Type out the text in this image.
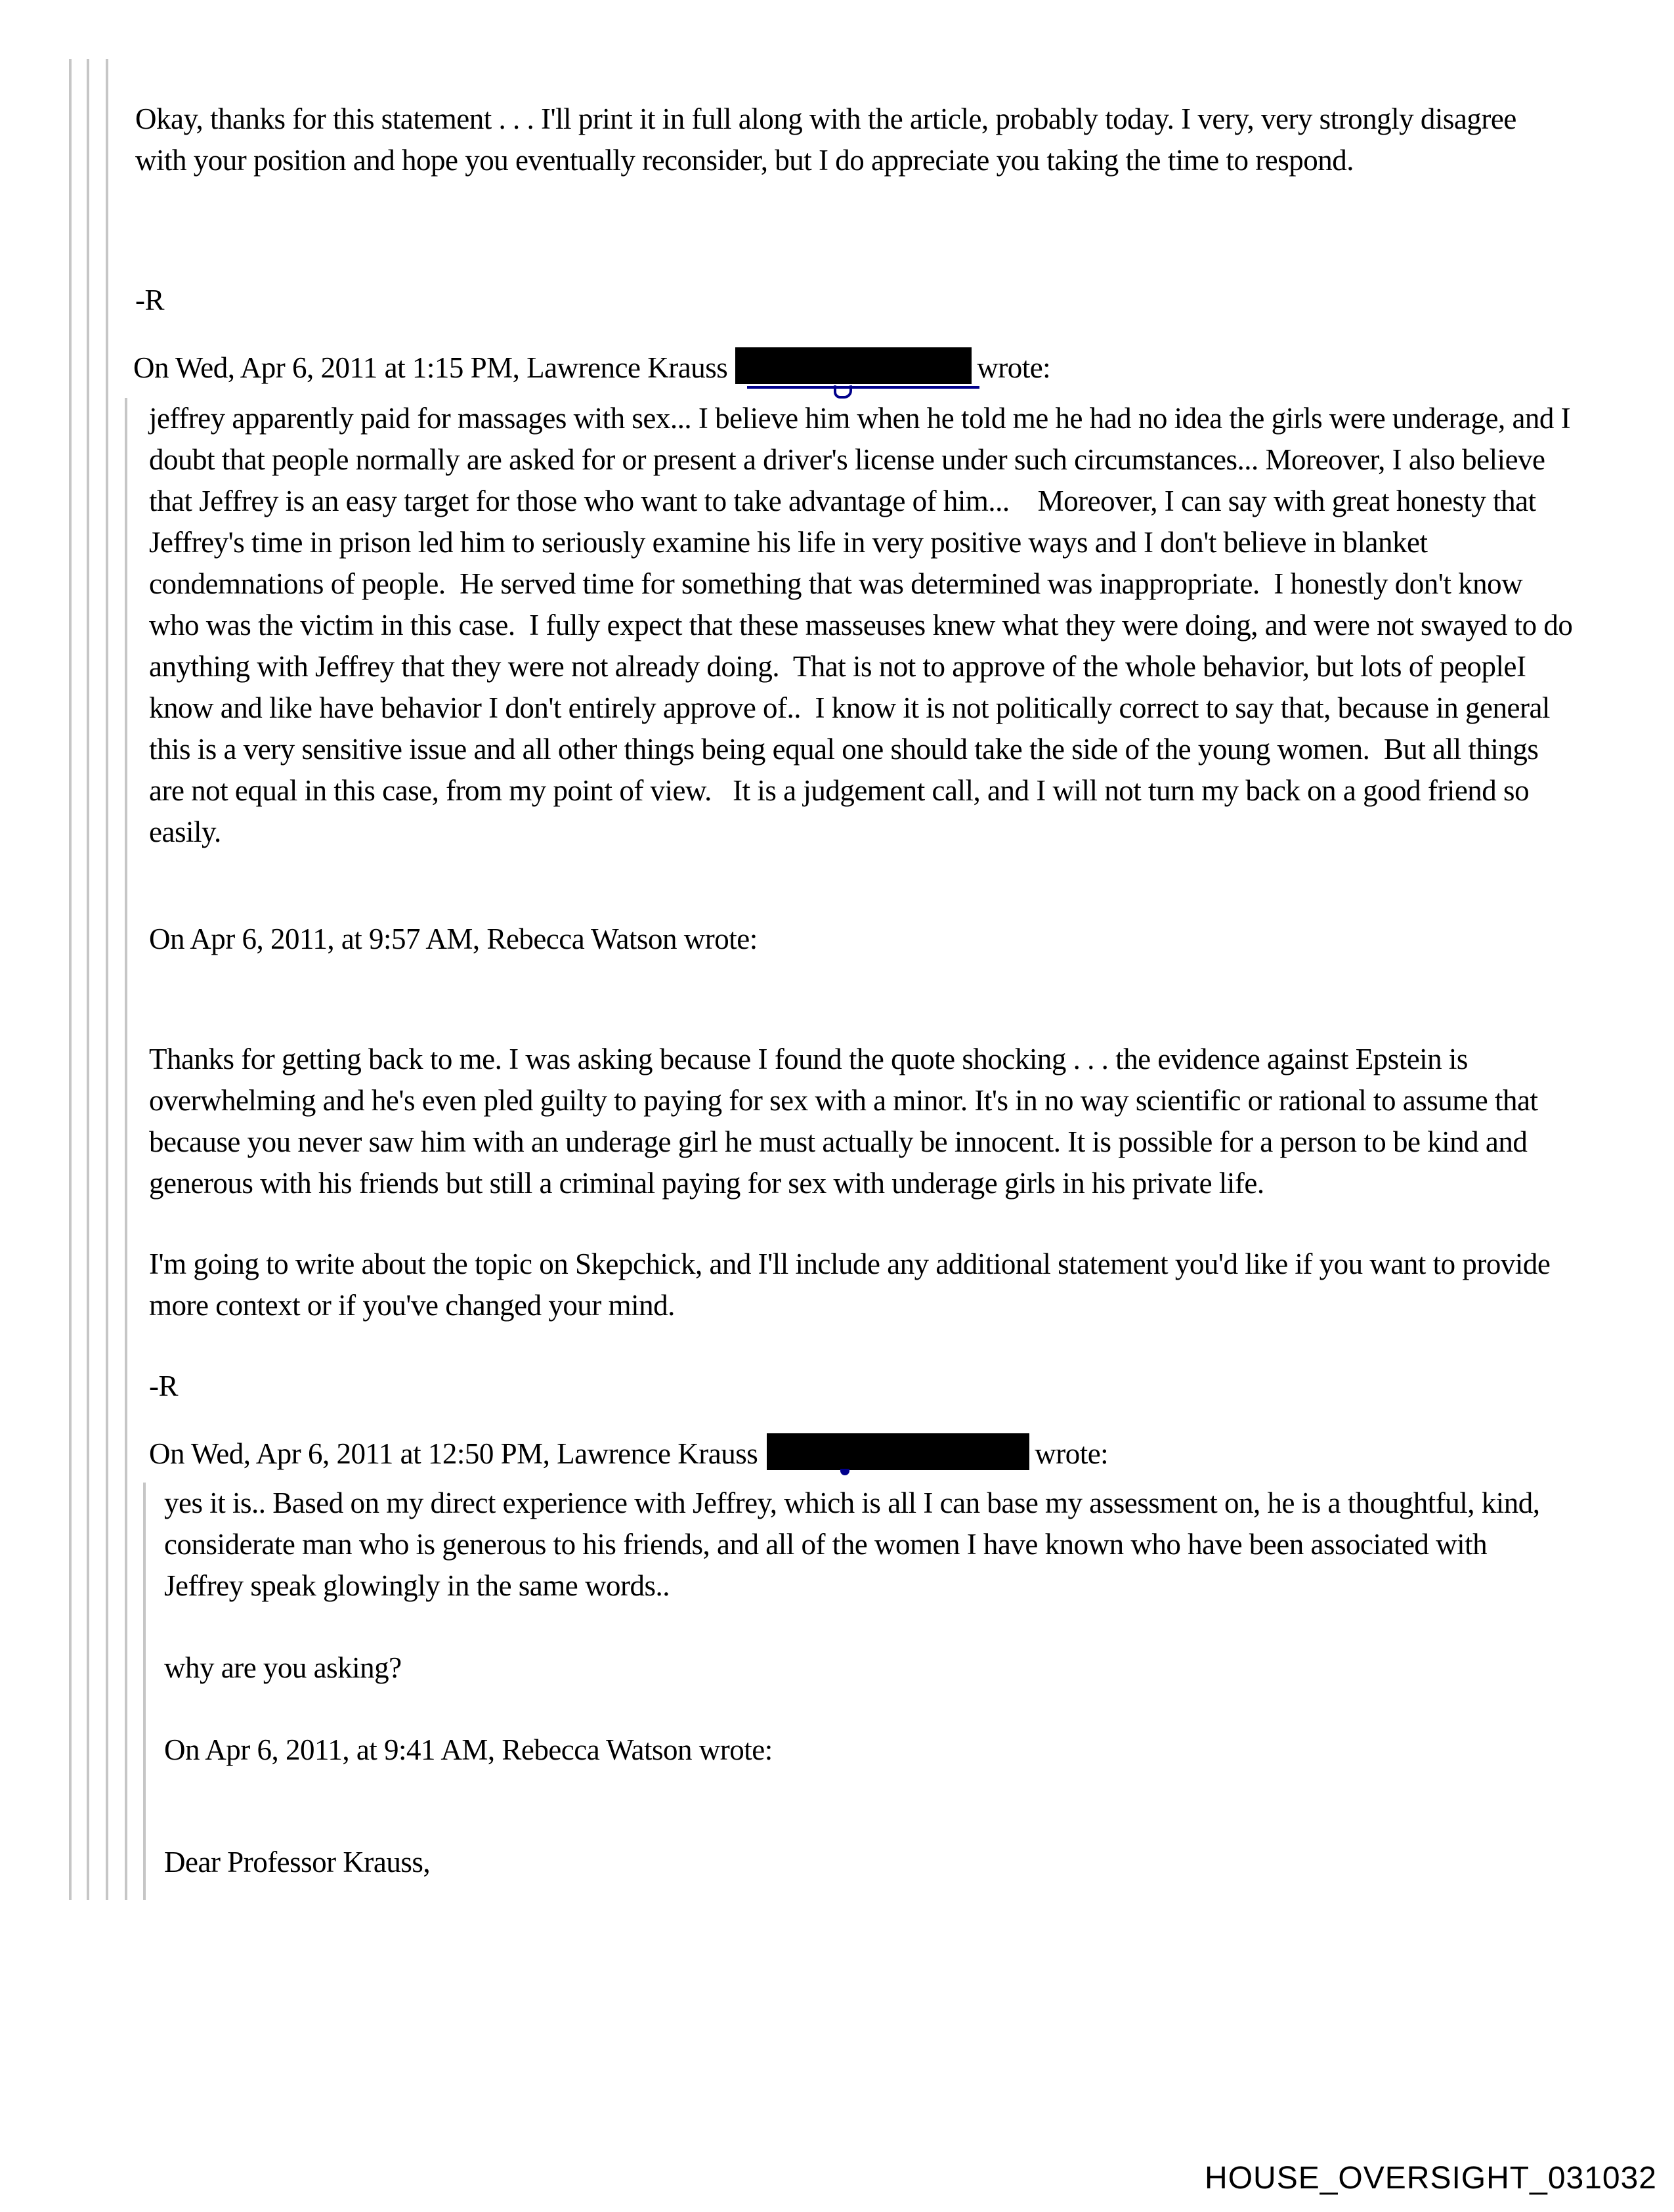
Okay, thanks for this statement . . . I'll print it in full along with the article, probably today. I very, very strongly disagree with your position and hope you eventually reconsider, but I do appreciate you taking the time to respond.

-R

On Wed, Apr 6, 2011 at 1:15 PM, Lawrence Krauss	wrote:

jeffrey apparently paid for massages with sex... I believe him when he told me he had no idea the girls were underage, and I doubt that people normally are asked for or present a driver's license under such circumstances... Moreover, I also believe that Jeffrey is an easy target for those who want to take advantage of him...    Moreover, I can say with great honesty that Jeffrey's time in prison led him to seriously examine his life in very positive ways and I don't believe in blanket condemnations of people.  He served time for something that was determined was inappropriate.  I honestly don't know who was the victim in this case.  I fully expect that these masseuses knew what they were doing, and were not swayed to do anything with Jeffrey that they were not already doing.  That is not to approve of the whole behavior, but lots of peopleI know and like have behavior I don't entirely approve of..  I know it is not politically correct to say that, because in general this is a very sensitive issue and all other things being equal one should take the side of the young women.  But all things are not equal in this case, from my point of view.   It is a judgement call, and I will not turn my back on a good friend so easily.

On Apr 6, 2011, at 9:57 AM, Rebecca Watson wrote:

Thanks for getting back to me. I was asking because I found the quote shocking . . . the evidence against Epstein is overwhelming and he's even pled guilty to paying for sex with a minor. It's in no way scientific or rational to assume that because you never saw him with an underage girl he must actually be innocent. It is possible for a person to be kind and generous with his friends but still a criminal paying for sex with underage girls in his private life.

I'm going to write about the topic on Skepchick, and I'll include any additional statement you'd like if you want to provide more context or if you've changed your mind.

-R

On Wed, Apr 6, 2011 at 12:50 PM, Lawrence Krauss	wrote:

yes it is.. Based on my direct experience with Jeffrey, which is all I can base my assessment on, he is a thoughtful, kind, considerate man who is generous to his friends, and all of the women I have known who have been associated with Jeffrey speak glowingly in the same words..

why are you asking?

On Apr 6, 2011, at 9:41 AM, Rebecca Watson wrote:

Dear Professor Krauss,

HOUSE_OVERSIGHT_031032
